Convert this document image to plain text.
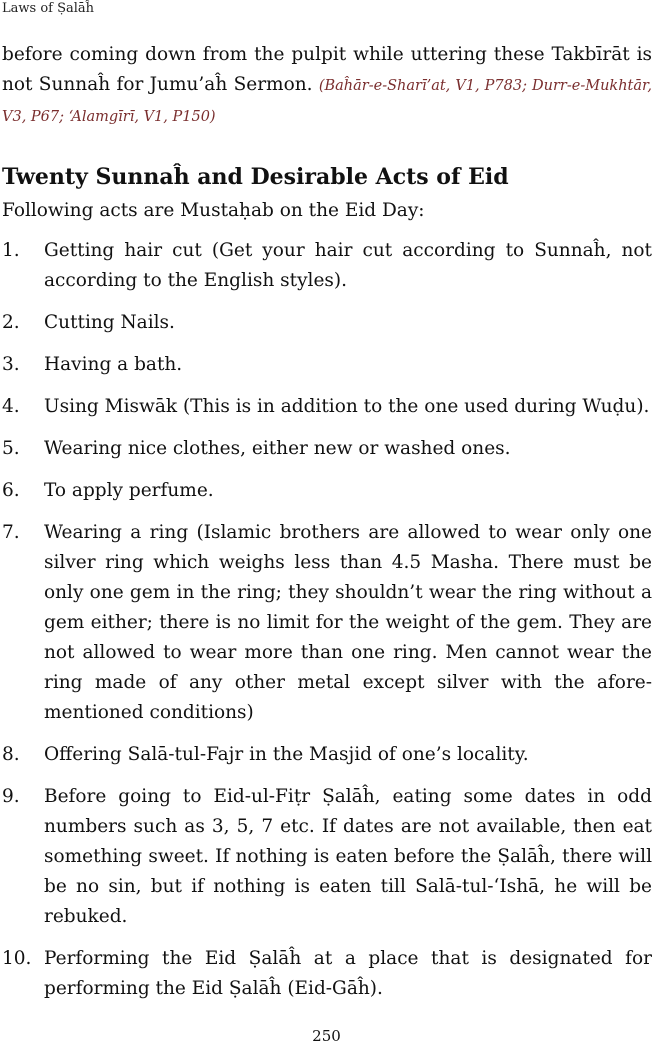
Laws of Ṣalāĥ

before coming down from the pulpit while uttering these Takbīrāt is not Sunnaĥ for Jumu’aĥ Sermon. (Baĥār-e-Sharī’at, V1, P783; Durr-e-Mukhtār, V3, P67; ‘Alamgīrī, V1, P150)

Twenty Sunnaĥ and Desirable Acts of Eid

Following acts are Mustaḥab on the Eid Day:

1. Getting hair cut (Get your hair cut according to Sunnaĥ, not according to the English styles).
2. Cutting Nails.
3. Having a bath.
4. Using Miswāk (This is in addition to the one used during Wuḍu).
5. Wearing nice clothes, either new or washed ones.
6. To apply perfume.
7. Wearing a ring (Islamic brothers are allowed to wear only one silver ring which weighs less than 4.5 Masha. There must be only one gem in the ring; they shouldn’t wear the ring without a gem either; there is no limit for the weight of the gem. They are not allowed to wear more than one ring. Men cannot wear the ring made of any other metal except silver with the afore-mentioned conditions)
8. Offering Salā-tul-Fajr in the Masjid of one’s locality.
9. Before going to Eid-ul-Fiṭr Ṣalāĥ, eating some dates in odd numbers such as 3, 5, 7 etc. If dates are not available, then eat something sweet. If nothing is eaten before the Ṣalāĥ, there will be no sin, but if nothing is eaten till Salā-tul-‘Ishā, he will be rebuked.
10. Performing the Eid Ṣalāĥ at a place that is designated for performing the Eid Ṣalāĥ (Eid-Gāĥ).
250
